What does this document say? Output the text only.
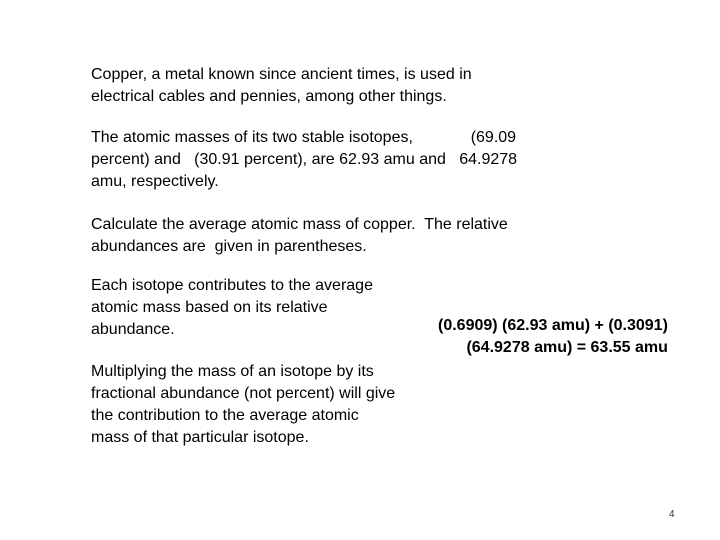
Copper, a metal known since ancient times, is used in
electrical cables and pennies, among other things.
The atomic masses of its two stable isotopes,             (69.09
percent) and   (30.91 percent), are 62.93 amu and   64.9278
amu, respectively.
Calculate the average atomic mass of copper.  The relative
abundances are  given in parentheses.
Each isotope contributes to the average
atomic mass based on its relative
abundance.	(0.6909) (62.93 amu) + (0.3091)
(64.9278 amu) = 63.55 amu
Multiplying the mass of an isotope by its
fractional abundance (not percent) will give
the contribution to the average atomic
mass of that particular isotope.
4
